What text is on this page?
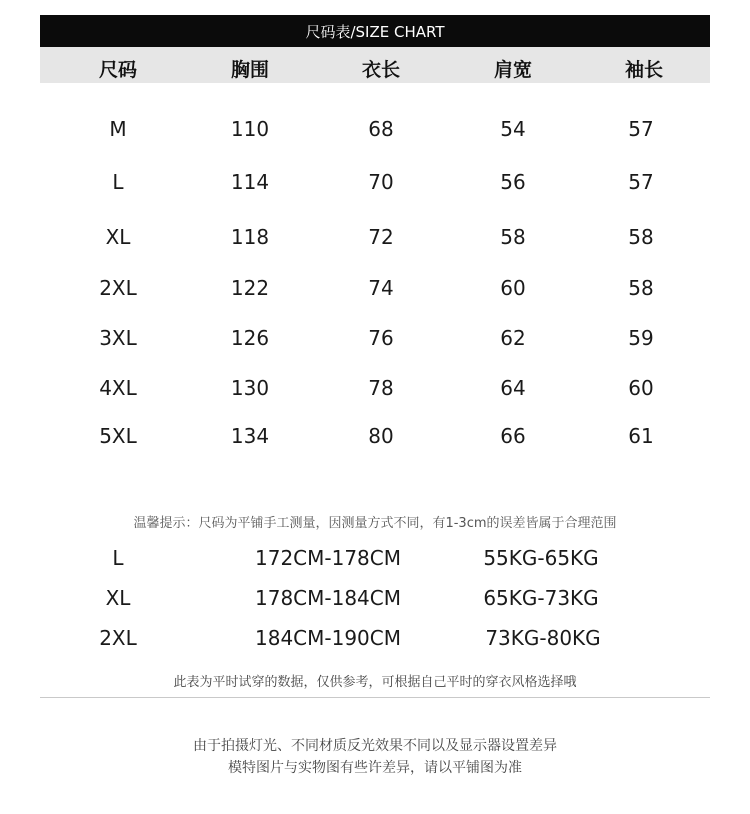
尺码表/SIZE CHART
尺码	胸围	衣长	肩宽	袖长
M	110	68	54	57
L	114	70	56	57
XL	118	72	58	58
2XL	122	74	60	58
3XL	126	76	62	59
4XL	130	78	64	60
5XL	134	80	66	61
温馨提示：尺码为平铺手工测量，因测量方式不同，有1-3cm的误差皆属于合理范围
L	172CM-178CM	55KG-65KG
XL	178CM-184CM	65KG-73KG
2XL	184CM-190CM	73KG-80KG
此表为平时试穿的数据，仅供参考，可根据自己平时的穿衣风格选择哦
由于拍摄灯光、不同材质反光效果不同以及显示器设置差异
模特图片与实物图有些许差异，请以平铺图为准
